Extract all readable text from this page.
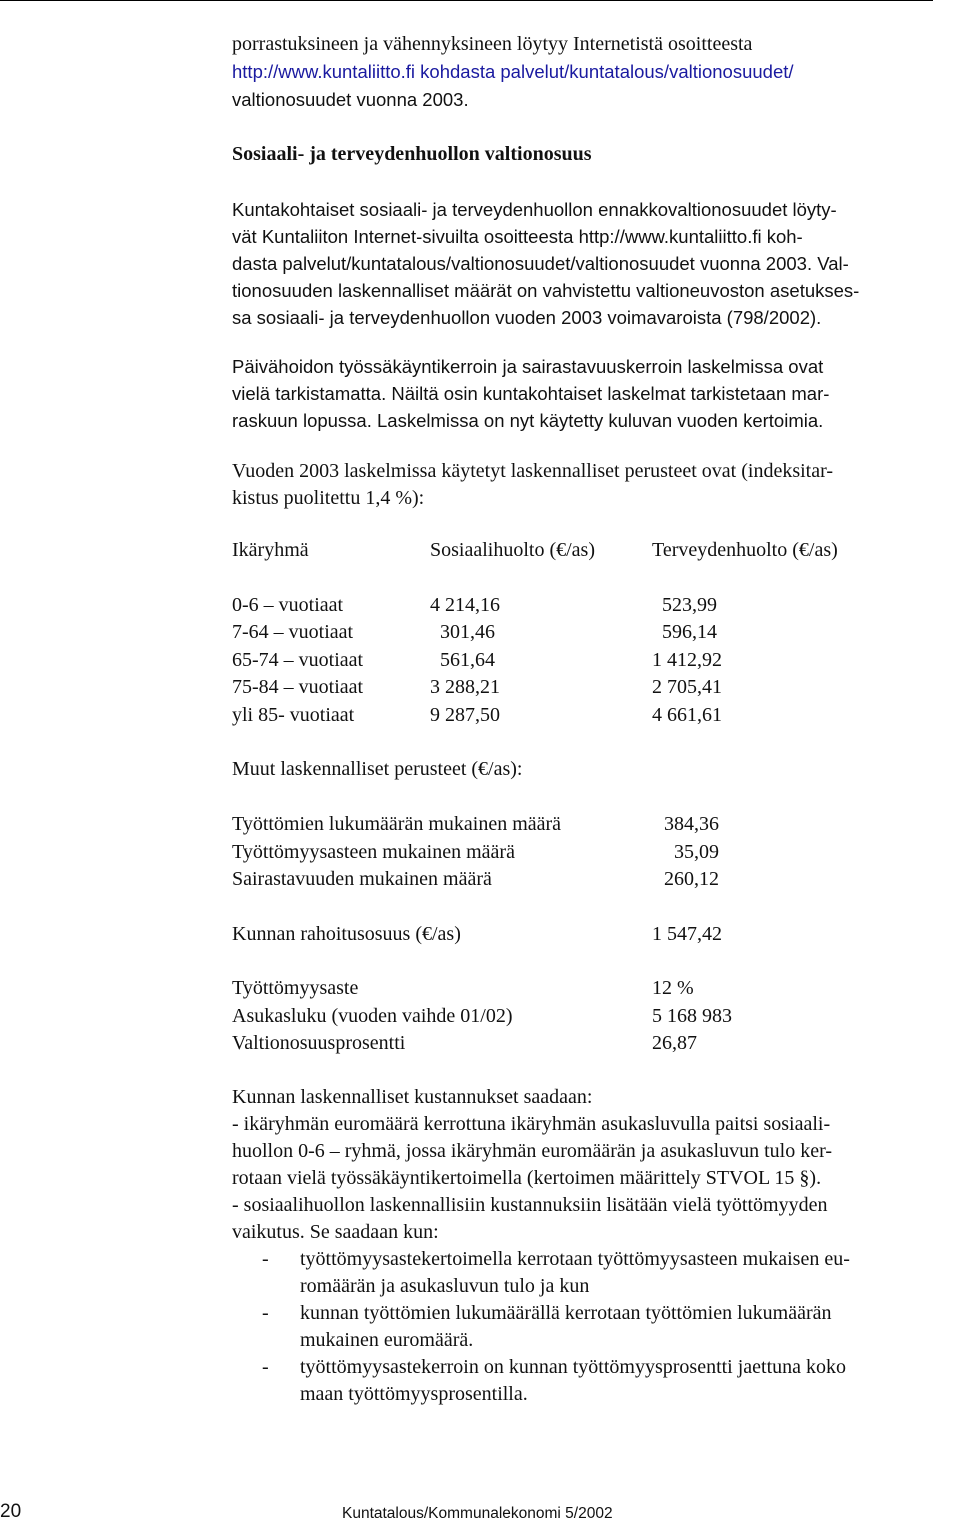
porrastuksineen ja vähennyksineen löytyy Internetistä osoitteesta
http://www.kuntaliitto.fi kohdasta palvelut/kuntatalous/valtionosuudet/
valtionosuudet vuonna 2003.
Sosiaali- ja terveydenhuollon valtionosuus
Kuntakohtaiset sosiaali- ja terveydenhuollon ennakkovaltionosuudet löyty-
vät Kuntaliiton Internet-sivuilta osoitteesta http://www.kuntaliitto.fi koh-
dasta palvelut/kuntatalous/valtionosuudet/valtionosuudet vuonna 2003. Val-
tionosuuden laskennalliset määrät on vahvistettu valtioneuvoston asetukses-
sa sosiaali- ja terveydenhuollon vuoden 2003 voimavaroista (798/2002).
Päivähoidon työssäkäyntikerroin ja sairastavuuskerroin laskelmissa ovat
vielä tarkistamatta. Näiltä osin kuntakohtaiset laskelmat tarkistetaan mar-
raskuun lopussa. Laskelmissa on nyt käytetty kuluvan vuoden kertoimia.
Vuoden 2003 laskelmissa käytetyt laskennalliset perusteet ovat (indeksitar-
kistus puolitettu 1,4 %):
Ikäryhmä	Sosiaalihuolto (€/as)	Terveydenhuolto (€/as)

0-6 – vuotiaat	4 214,16	523,99
7-64 – vuotiaat	301,46	596,14
65-74 – vuotiaat	561,64	1 412,92
75-84 – vuotiaat	3 288,21	2 705,41
yli 85- vuotiaat	9 287,50	4 661,61
Muut laskennalliset perusteet (€/as):
Työttömien lukumäärän mukainen määrä	384,36
Työttömyysasteen mukainen määrä	35,09
Sairastavuuden mukainen määrä	260,12
Kunnan rahoitusosuus (€/as)	1 547,42
Työttömyysaste	12 %
Asukasluku (vuoden vaihde 01/02)	5 168 983
Valtionosuusprosentti	26,87
Kunnan laskennalliset kustannukset saadaan:
- ikäryhmän euromäärä kerrottuna ikäryhmän asukasluvulla paitsi sosiaali-
huollon 0-6 – ryhmä, jossa ikäryhmän euromäärän ja asukasluvun tulo ker-
rotaan vielä työssäkäyntikertoimella (kertoimen määrittely STVOL 15 §).
- sosiaalihuollon laskennallisiin kustannuksiin lisätään vielä työttömyyden
vaikutus. Se saadaan kun:
- työttömyysastekertoimella kerrotaan työttömyysasteen mukaisen eu-
romäärän ja asukasluvun tulo ja kun
- kunnan työttömien lukumäärällä kerrotaan työttömien lukumäärän
mukainen euromäärä.
- työttömyysastekerroin on kunnan työttömyysprosentti jaettuna koko
maan työttömyysprosentilla.
20	Kuntatalous/Kommunalekonomi 5/2002
